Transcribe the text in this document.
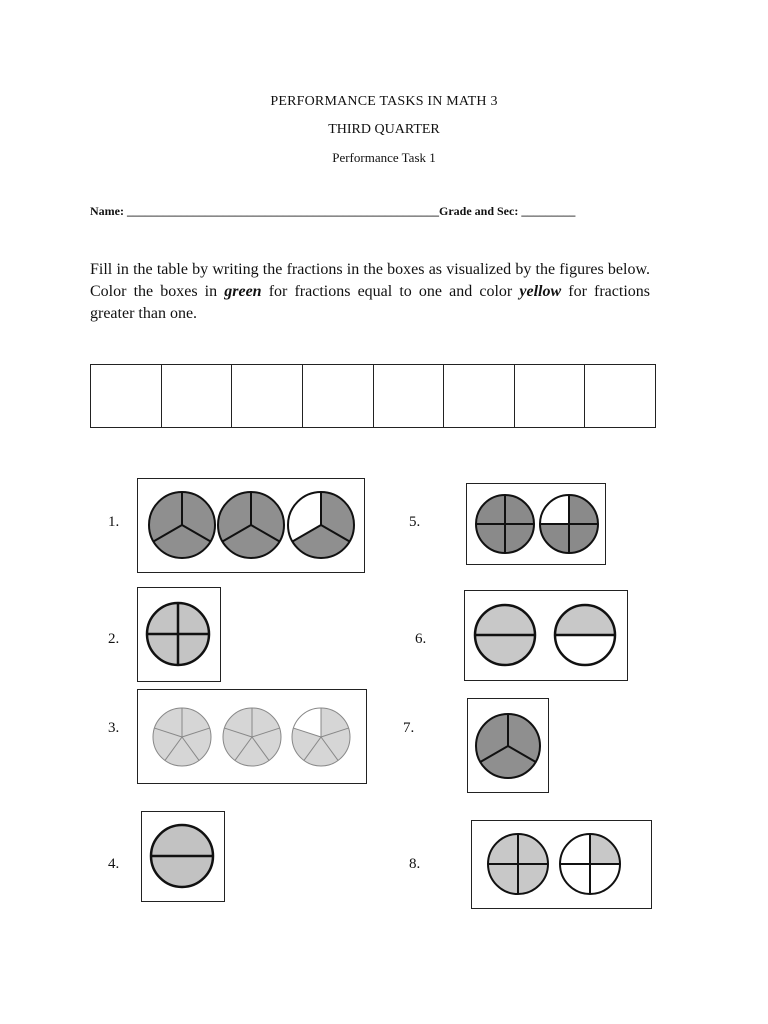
PERFORMANCE TASKS IN MATH 3
THIRD QUARTER
Performance Task 1
Name: ____________________________________________________Grade and Sec: _________
Fill in the table by writing the fractions in the boxes as visualized by the figures below. Color the boxes in green for fractions equal to one and color yellow for fractions greater than one.

1.
2.
3.
4.
5.
6.
7.
8.
